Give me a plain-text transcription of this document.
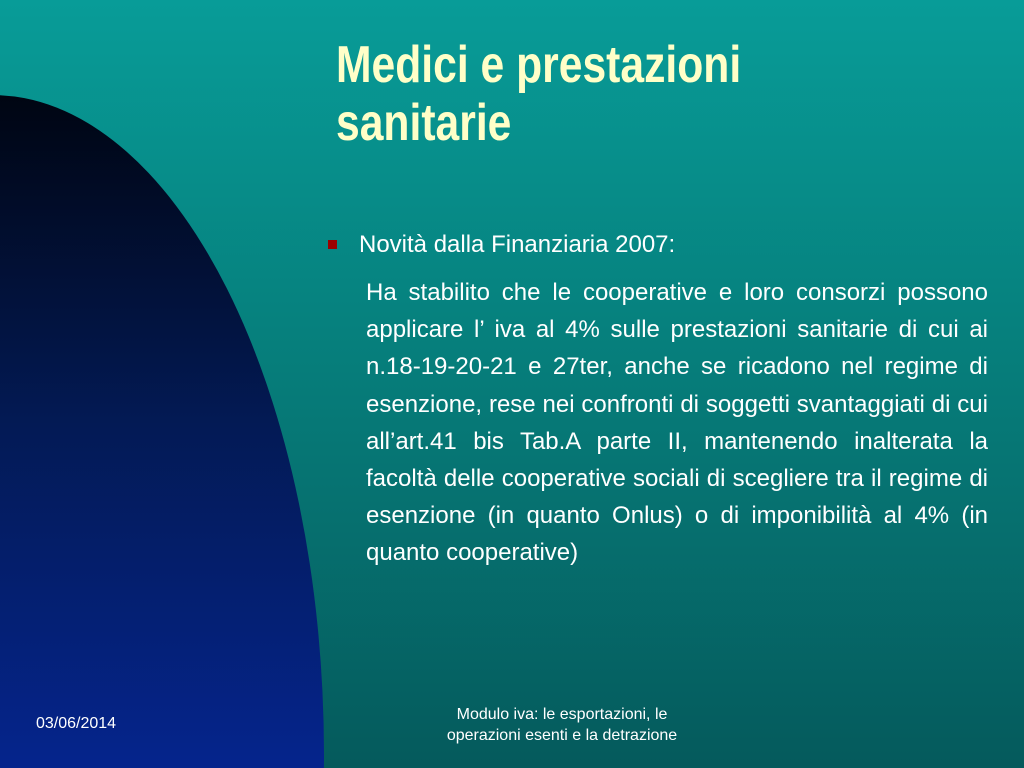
Medici e prestazioni
sanitarie
Novità dalla Finanziaria 2007:

Ha stabilito che le cooperative e loro consorzi possono applicare l’ iva al 4% sulle prestazioni sanitarie di cui ai n.18-19-20-21 e 27ter, anche se ricadono nel regime di esenzione, rese nei confronti di soggetti svantaggiati di cui all’art.41 bis Tab.A parte II, mantenendo inalterata la facoltà delle cooperative sociali di scegliere tra il regime di esenzione (in quanto Onlus) o di imponibilità al 4% (in quanto cooperative)

03/06/2014
Modulo iva: le esportazioni, le
operazioni esenti e la detrazione
